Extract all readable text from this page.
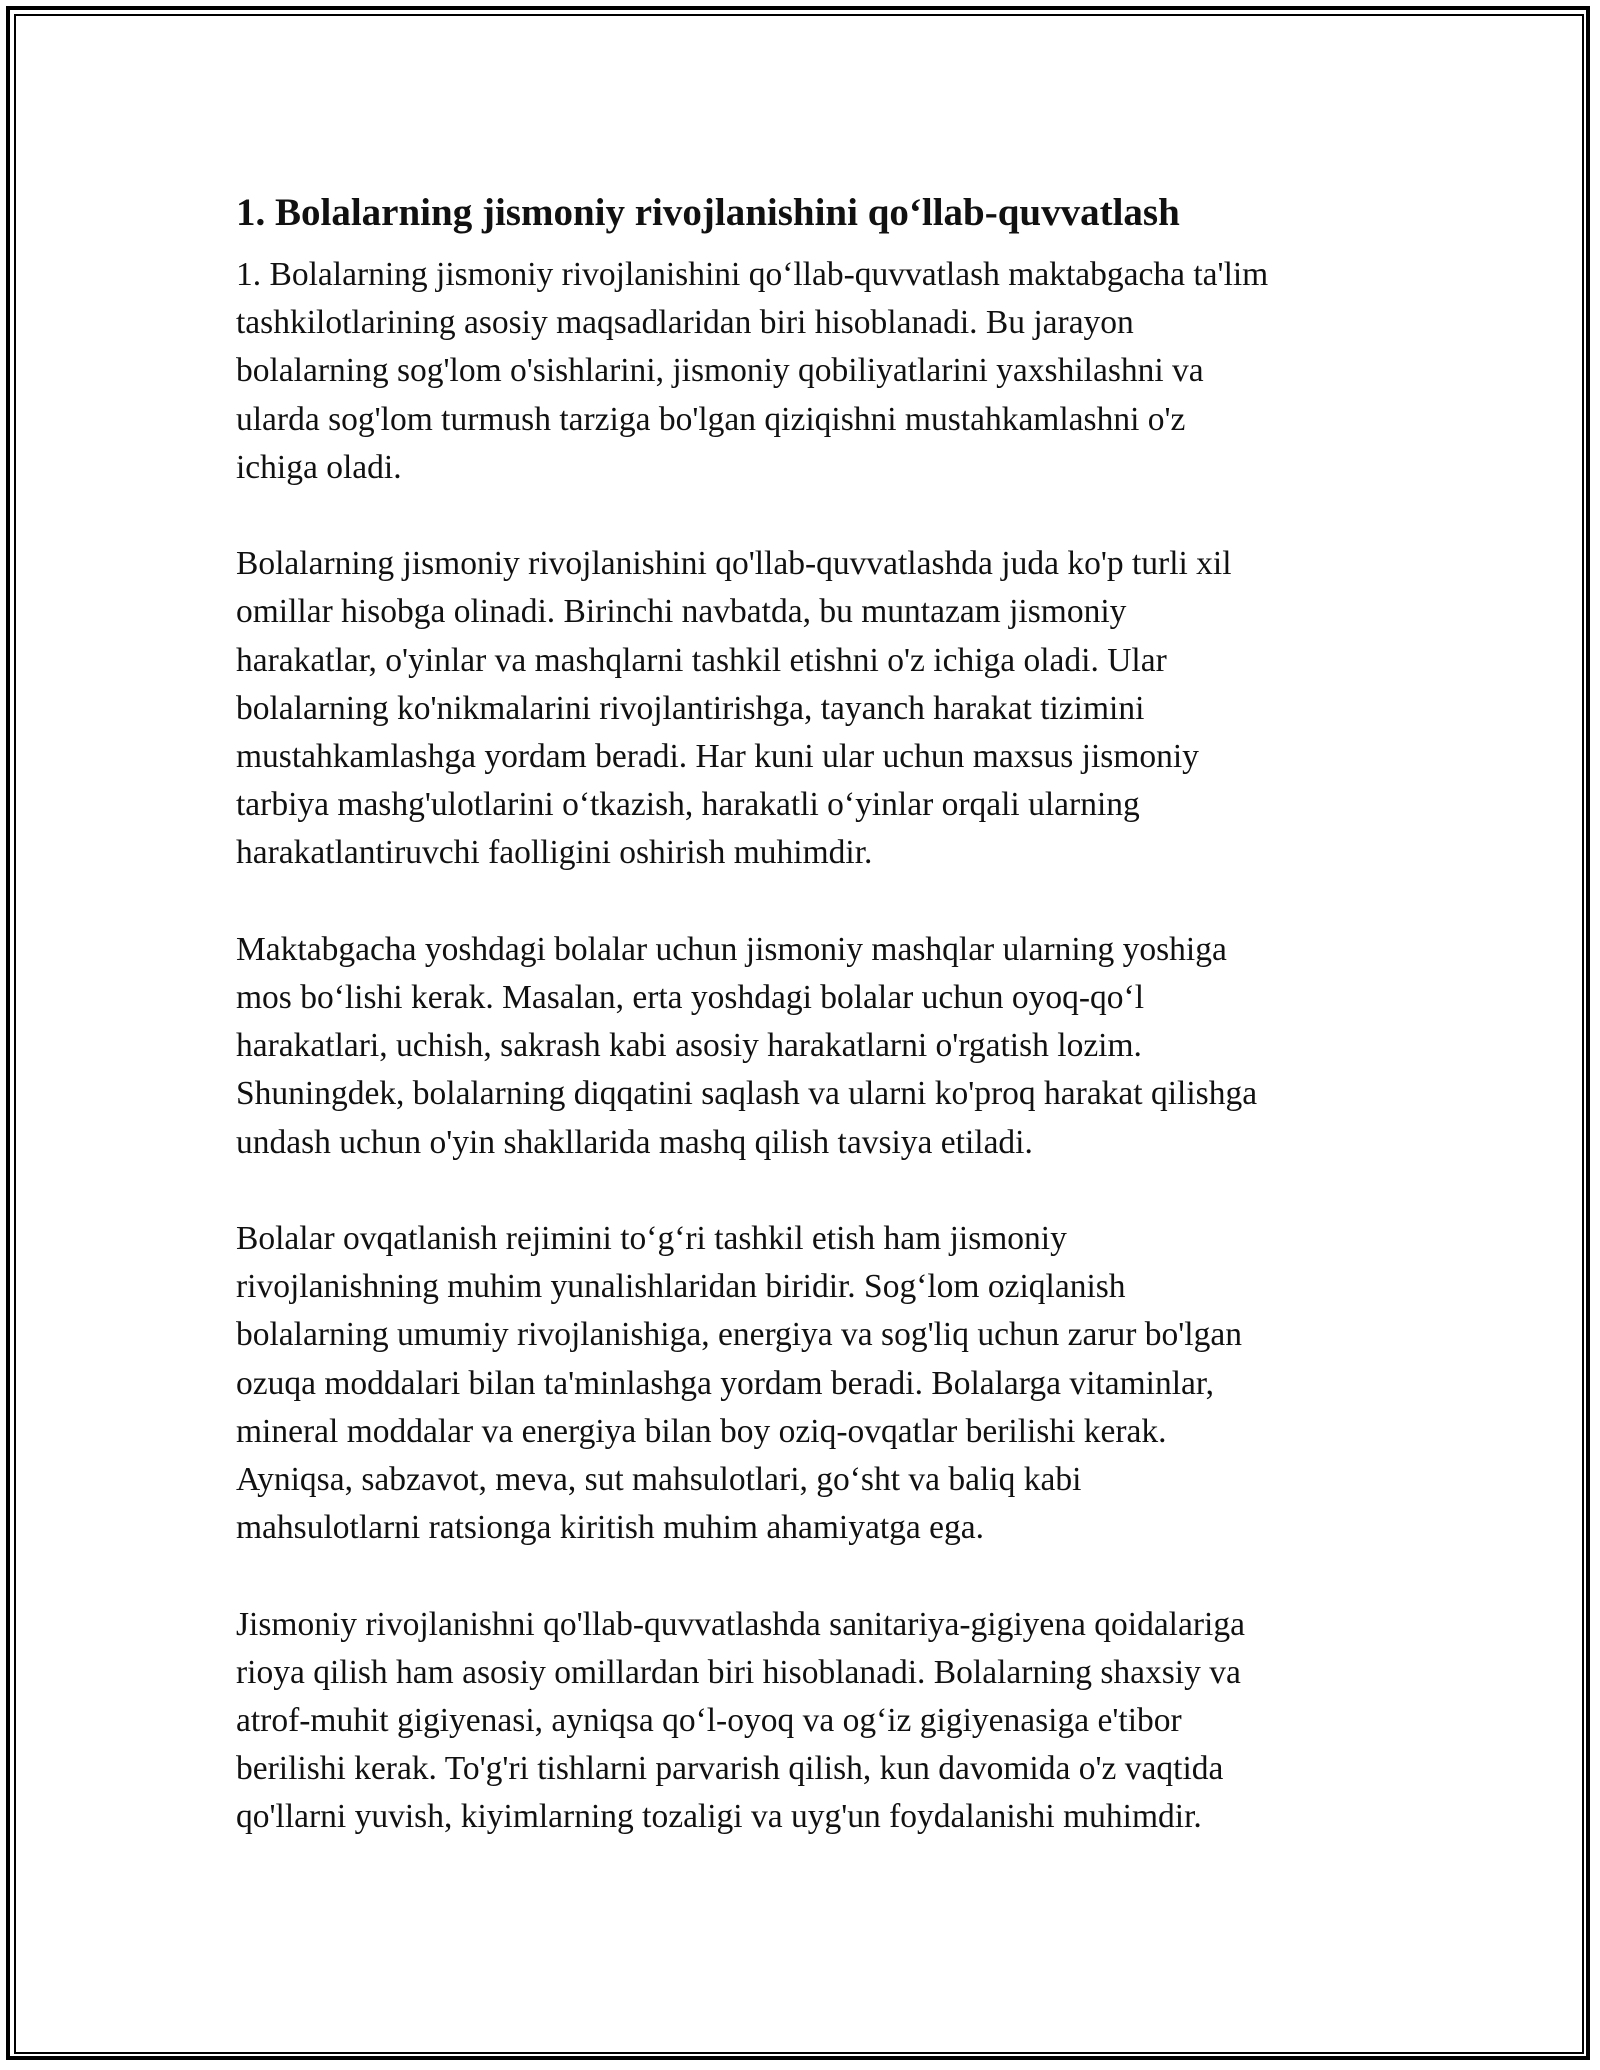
1. Bolalarning jismoniy rivojlanishini qo‘llab-quvvatlash

1. Bolalarning jismoniy rivojlanishini qo‘llab-quvvatlash maktabgacha ta'lim
tashkilotlarining asosiy maqsadlaridan biri hisoblanadi. Bu jarayon
bolalarning sog'lom o'sishlarini, jismoniy qobiliyatlarini yaxshilashni va
ularda sog'lom turmush tarziga bo'lgan qiziqishni mustahkamlashni o'z
ichiga oladi.

Bolalarning jismoniy rivojlanishini qo'llab-quvvatlashda juda ko'p turli xil
omillar hisobga olinadi. Birinchi navbatda, bu muntazam jismoniy
harakatlar, o'yinlar va mashqlarni tashkil etishni o'z ichiga oladi. Ular
bolalarning ko'nikmalarini rivojlantirishga, tayanch harakat tizimini
mustahkamlashga yordam beradi. Har kuni ular uchun maxsus jismoniy
tarbiya mashg'ulotlarini o‘tkazish, harakatli o‘yinlar orqali ularning
harakatlantiruvchi faolligini oshirish muhimdir.

Maktabgacha yoshdagi bolalar uchun jismoniy mashqlar ularning yoshiga
mos bo‘lishi kerak. Masalan, erta yoshdagi bolalar uchun oyoq-qo‘l
harakatlari, uchish, sakrash kabi asosiy harakatlarni o'rgatish lozim.
Shuningdek, bolalarning diqqatini saqlash va ularni ko'proq harakat qilishga
undash uchun o'yin shakllarida mashq qilish tavsiya etiladi.

Bolalar ovqatlanish rejimini to‘g‘ri tashkil etish ham jismoniy
rivojlanishning muhim yunalishlaridan biridir. Sog‘lom oziqlanish
bolalarning umumiy rivojlanishiga, energiya va sog'liq uchun zarur bo'lgan
ozuqa moddalari bilan ta'minlashga yordam beradi. Bolalarga vitaminlar,
mineral moddalar va energiya bilan boy oziq-ovqatlar berilishi kerak.
Ayniqsa, sabzavot, meva, sut mahsulotlari, go‘sht va baliq kabi
mahsulotlarni ratsionga kiritish muhim ahamiyatga ega.

Jismoniy rivojlanishni qo'llab-quvvatlashda sanitariya-gigiyena qoidalariga
rioya qilish ham asosiy omillardan biri hisoblanadi. Bolalarning shaxsiy va
atrof-muhit gigiyenasi, ayniqsa qo‘l-oyoq va og‘iz gigiyenasiga e'tibor
berilishi kerak. To'g'ri tishlarni parvarish qilish, kun davomida o'z vaqtida
qo'llarni yuvish, kiyimlarning tozaligi va uyg'un foydalanishi muhimdir.
